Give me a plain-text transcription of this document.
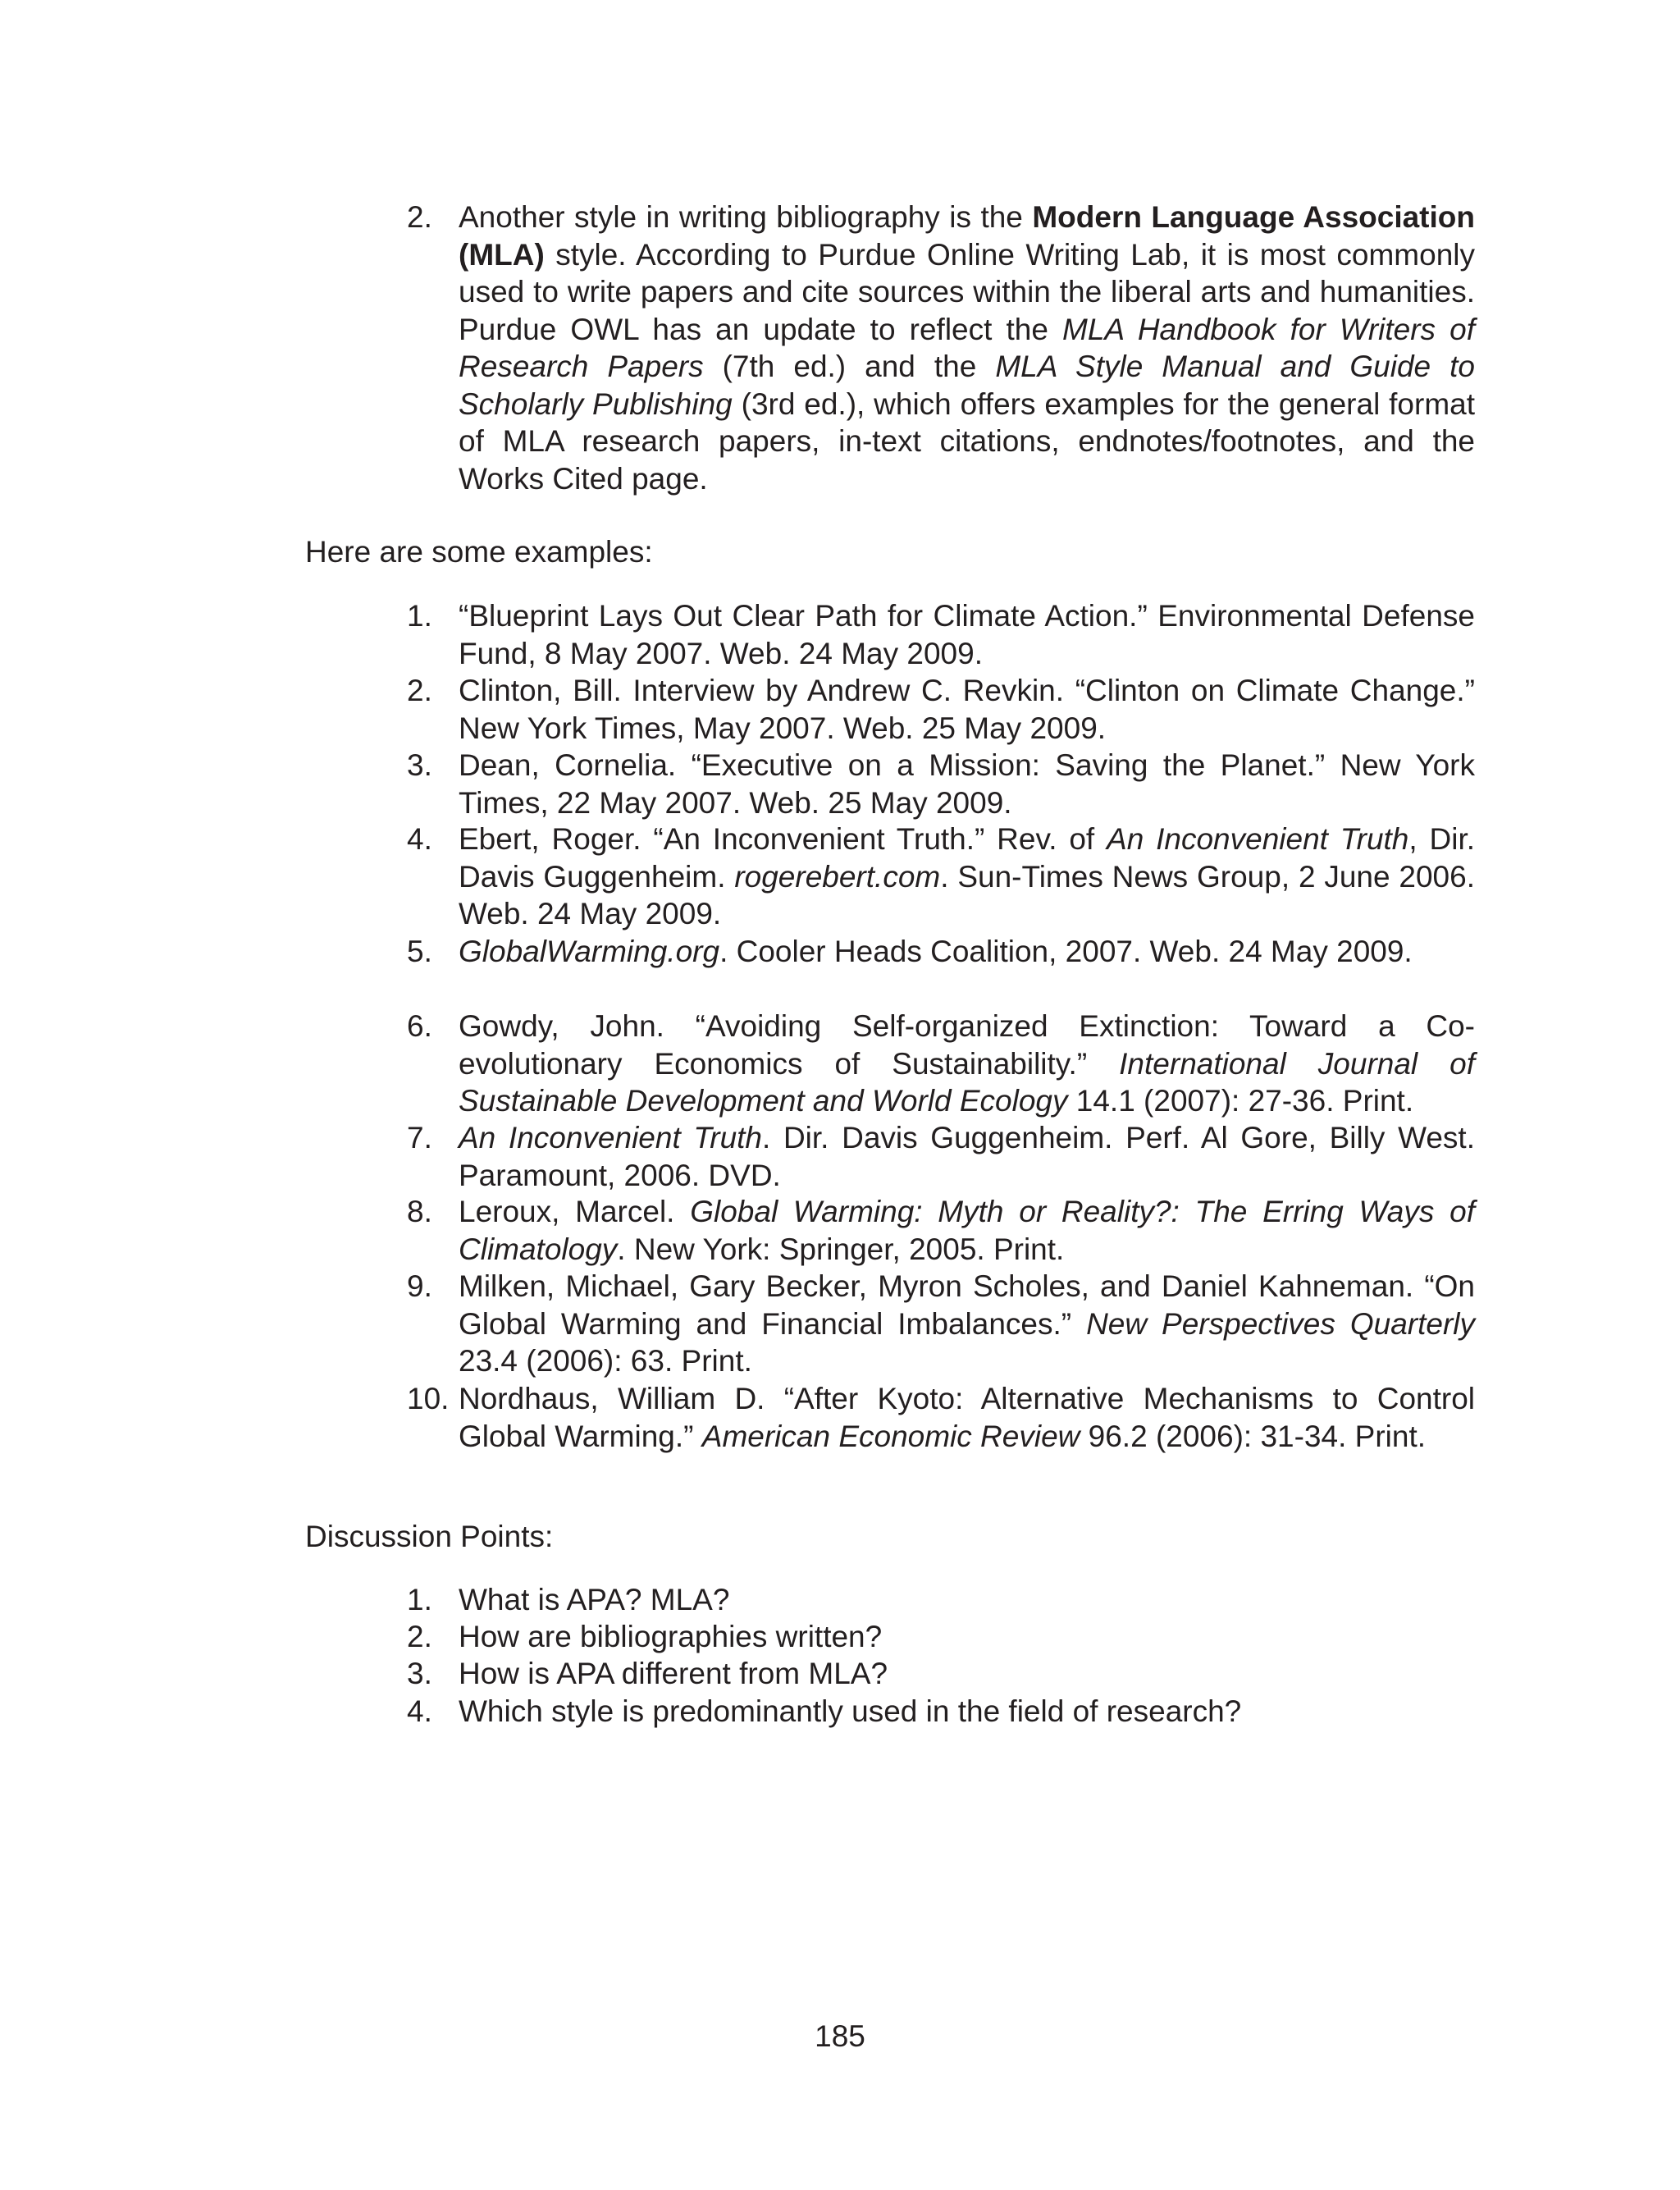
2. Another style in writing bibliography is the Modern Language Association (MLA) style. According to Purdue Online Writing Lab, it is most commonly used to write papers and cite sources within the liberal arts and humanities. Purdue OWL has an update to reflect the MLA Handbook for Writers of Research Papers (7th ed.) and the MLA Style Manual and Guide to Scholarly Publishing (3rd ed.), which offers examples for the general format of MLA research papers, in-text citations, endnotes/footnotes, and the Works Cited page.
Here are some examples:
1. “Blueprint Lays Out Clear Path for Climate Action.” Environmental Defense Fund, 8 May 2007. Web. 24 May 2009.
2. Clinton, Bill. Interview by Andrew C. Revkin. “Clinton on Climate Change.” New York Times, May 2007. Web. 25 May 2009.
3. Dean, Cornelia. “Executive on a Mission: Saving the Planet.” New York Times, 22 May 2007. Web. 25 May 2009.
4. Ebert, Roger. “An Inconvenient Truth.” Rev. of An Inconvenient Truth, Dir. Davis Guggenheim. rogerebert.com. Sun-Times News Group, 2 June 2006. Web. 24 May 2009.
5. GlobalWarming.org. Cooler Heads Coalition, 2007. Web. 24 May 2009.
6. Gowdy, John. “Avoiding Self-organized Extinction: Toward a Co-evolutionary Economics of Sustainability.” International Journal of Sustainable Development and World Ecology 14.1 (2007): 27-36. Print.
7. An Inconvenient Truth. Dir. Davis Guggenheim. Perf. Al Gore, Billy West. Paramount, 2006. DVD.
8. Leroux, Marcel. Global Warming: Myth or Reality?: The Erring Ways of Climatology. New York: Springer, 2005. Print.
9. Milken, Michael, Gary Becker, Myron Scholes, and Daniel Kahneman. “On Global Warming and Financial Imbalances.” New Perspectives Quarterly 23.4 (2006): 63. Print.
10. Nordhaus, William D. “After Kyoto: Alternative Mechanisms to Control Global Warming.” American Economic Review 96.2 (2006): 31-34. Print.
Discussion Points:
1. What is APA? MLA?
2. How are bibliographies written?
3. How is APA different from MLA?
4. Which style is predominantly used in the field of research?
185
